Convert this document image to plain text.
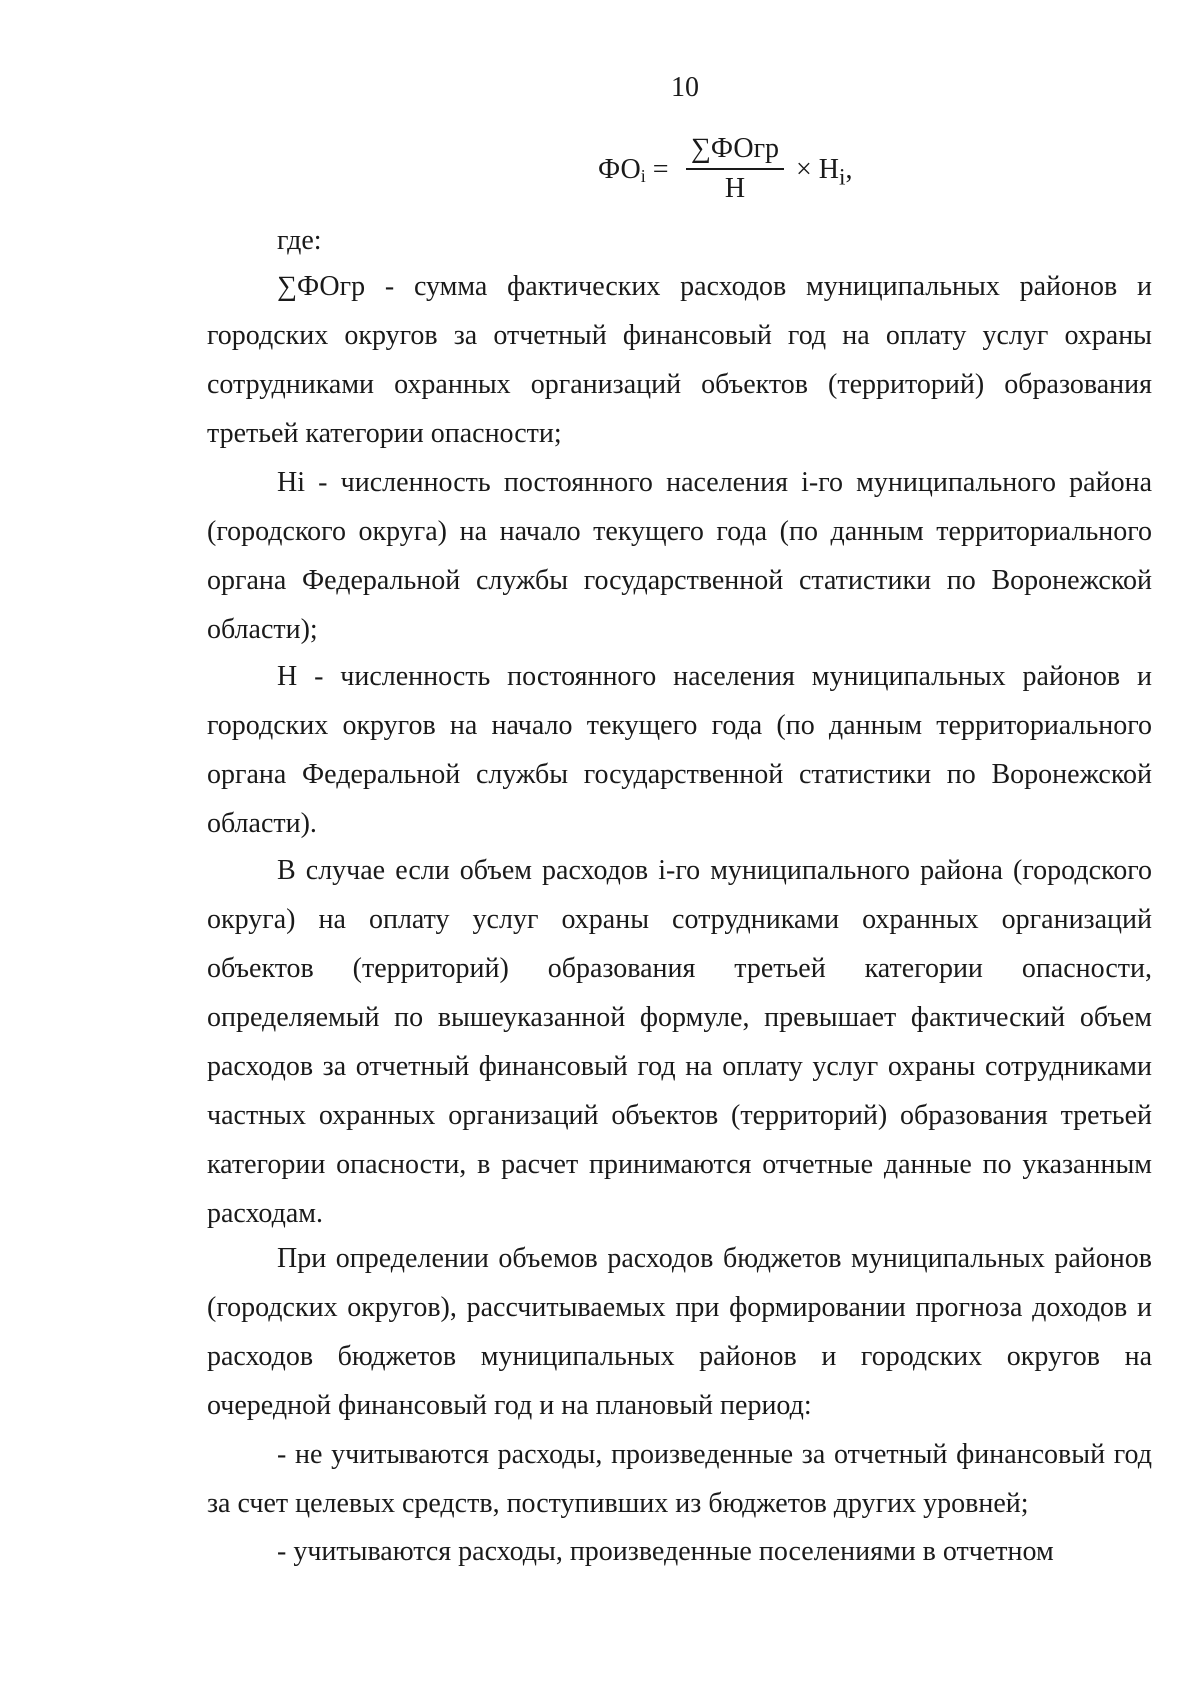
10
$ФО_i$ =
∑ФОгр
Н
× $Н_i$,

где:

∑ФОгр - сумма фактических расходов муниципальных районов и городских округов за отчетный финансовый год на оплату услуг охраны сотрудниками охранных организаций объектов (территорий) образования третьей категории опасности;

Нi - численность постоянного населения i-го муниципального района (городского округа) на начало текущего года (по данным территориального органа Федеральной службы государственной статистики по Воронежской области);

Н - численность постоянного населения муниципальных районов и городских округов на начало текущего года (по данным территориального органа Федеральной службы государственной статистики по Воронежской области).

В случае если объем расходов i-го муниципального района (городского округа) на оплату услуг охраны сотрудниками охранных организаций объектов (территорий) образования третьей категории опасности, определяемый по вышеуказанной формуле, превышает фактический объем расходов за отчетный финансовый год на оплату услуг охраны сотрудниками частных охранных организаций объектов (территорий) образования третьей категории опасности, в расчет принимаются отчетные данные по указанным расходам.

При определении объемов расходов бюджетов муниципальных районов (городских округов), рассчитываемых при формировании прогноза доходов и расходов бюджетов муниципальных районов и городских округов на очередной финансовый год и на плановый период:

- не учитываются расходы, произведенные за отчетный финансовый год за счет целевых средств, поступивших из бюджетов других уровней;

- учитываются расходы, произведенные поселениями в отчетном
